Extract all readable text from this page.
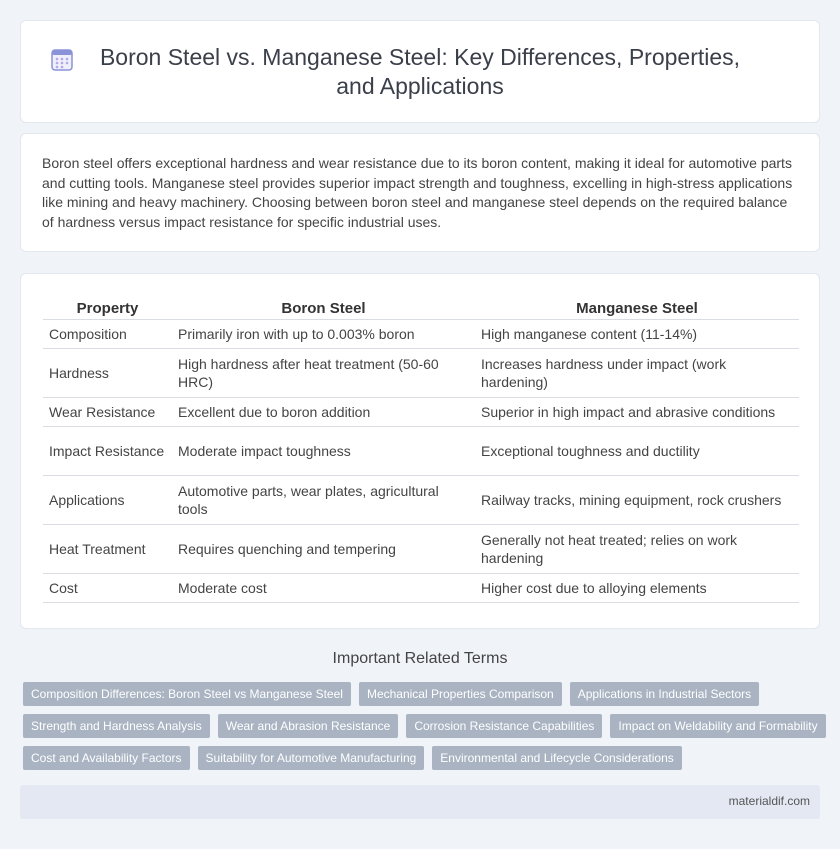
Boron Steel vs. Manganese Steel: Key Differences, Properties, and Applications

Boron steel offers exceptional hardness and wear resistance due to its boron content, making it ideal for automotive parts and cutting tools. Manganese steel provides superior impact strength and toughness, excelling in high-stress applications like mining and heavy machinery. Choosing between boron steel and manganese steel depends on the required balance of hardness versus impact resistance for specific industrial uses.

Property	Boron Steel	Manganese Steel
Composition	Primarily iron with up to 0.003% boron	High manganese content (11-14%)
Hardness	High hardness after heat treatment (50-60 HRC)	Increases hardness under impact (work hardening)
Wear Resistance	Excellent due to boron addition	Superior in high impact and abrasive conditions
Impact Resistance	Moderate impact toughness	Exceptional toughness and ductility
Applications	Automotive parts, wear plates, agricultural tools	Railway tracks, mining equipment, rock crushers
Heat Treatment	Requires quenching and tempering	Generally not heat treated; relies on work hardening
Cost	Moderate cost	Higher cost due to alloying elements
Important Related Terms
Composition Differences: Boron Steel vs Manganese Steel	Mechanical Properties Comparison	Applications in Industrial Sectors
Strength and Hardness Analysis	Wear and Abrasion Resistance	Corrosion Resistance Capabilities	Impact on Weldability and Formability
Cost and Availability Factors	Suitability for Automotive Manufacturing	Environmental and Lifecycle Considerations
materialdif.com
